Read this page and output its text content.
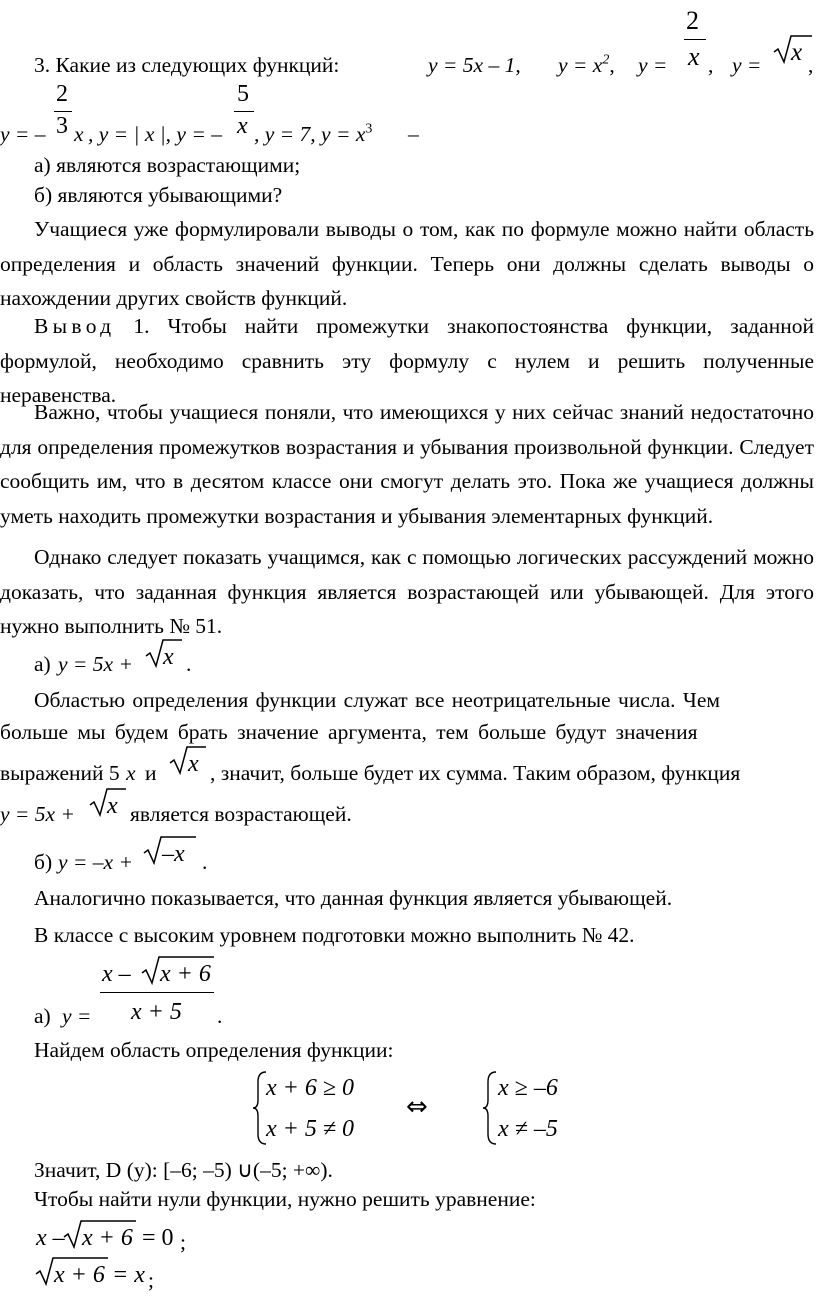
3. Какие из следующих функций:	y = 5x – 1, $y = x^2$, y =
2
x , y = x ,
y = –
2
3 x , y = | x |, y = –
5
x , y = 7, $y = x^3$ –
а) являются возрастающими;
б) являются убывающими?
Учащиеся уже формулировали выводы о том, как по формуле можно найти область определения и область значений функции. Теперь они должны сделать выводы о нахождении других свойств функций.
Вывод 1. Чтобы найти промежутки знакопостоянства функции, заданной формулой, необходимо сравнить эту формулу с нулем и решить полученные неравенства.
Важно, чтобы учащиеся поняли, что имеющихся у них сейчас знаний недостаточно для определения промежутков возрастания и убывания произвольной функции. Следует сообщить им, что в десятом классе они смогут делать это. Пока же учащиеся должны уметь находить промежутки возрастания и убывания элементарных функций.
Однако следует показать учащимся, как с помощью логических рассуждений можно доказать, что заданная функция является возрастающей или убывающей. Для этого нужно выполнить № 51.
а) y = 5x + x .
Областью определения функции служат все неотрицательные числа. Чем
больше мы будем брать значение аргумента, тем больше будут значения
выражений 5 x и x , значит, больше будет их сумма. Таким образом, функция
y = 5x + x является возрастающей.
б) y = –x + –x .
Аналогично показывается, что данная функция является убывающей.
В классе с высоким уровнем подготовки можно выполнить № 42.
x – x + 6
а) y = x + 5 .
Найдем область определения функции:
x + 6 ≥ 0
x + 5 ≠ 0
⇔
x ≥ –6
x ≠ –5
Значит, D (y): [–6; –5) ∪(–5; +∞).
Чтобы найти нули функции, нужно решить уравнение:
x – x + 6 = 0 ;
x + 6 = x ;
